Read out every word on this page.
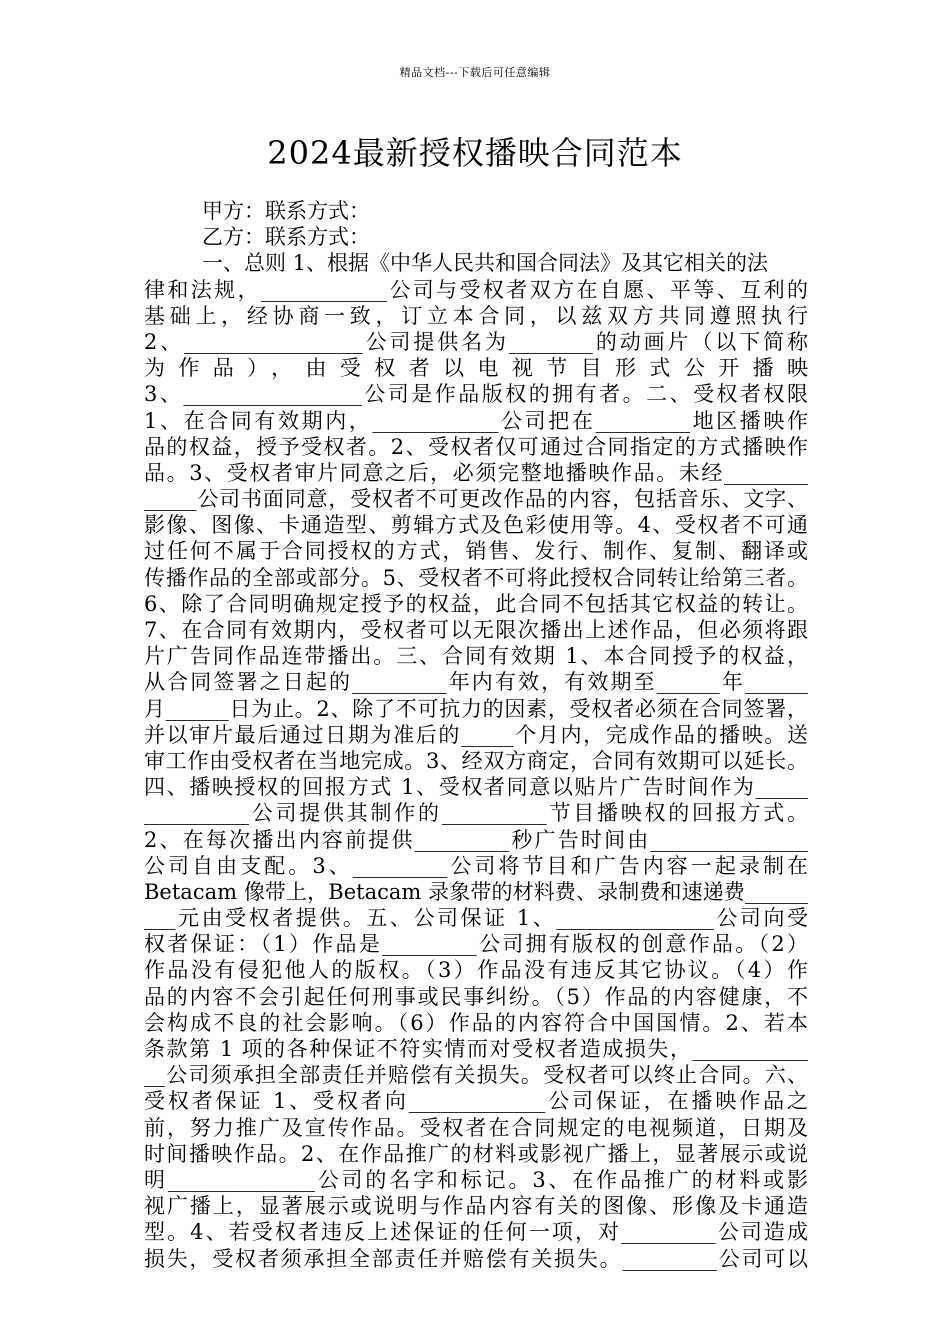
精品文档---下载后可任意编辑
2024最新授权播映合同范本
甲方：联系方式：
乙方：联系方式：
一、总则 1、根据《中华人民共和国合同法》及其它相关的法
律和法规，____________公司与受权者双方在自愿、平等、互利的
基础上，经协商一致，订立本合同，以兹双方共同遵照执行
2、_________________公司提供名为________的动画片（以下简称
为作品），由受权者以电视节目形式公开播映
3、_________________公司是作品版权的拥有者。二、受权者权限
1、在合同有效期内，____________公司把在_________地区播映作
品的权益，授予受权者。2、受权者仅可通过合同指定的方式播映作
品。3、受权者审片同意之后，必须完整地播映作品。未经________
_____公司书面同意，受权者不可更改作品的内容，包括音乐、文字、
影像、图像、卡通造型、剪辑方式及色彩使用等。4、受权者不可通
过任何不属于合同授权的方式，销售、发行、制作、复制、翻译或
传播作品的全部或部分。5、受权者不可将此授权合同转让给第三者。
6、除了合同明确规定授予的权益，此合同不包括其它权益的转让。
7、在合同有效期内，受权者可以无限次播出上述作品，但必须将跟
片广告同作品连带播出。三、合同有效期 1、本合同授予的权益，
从合同签署之日起的_________年内有效，有效期至______年______
月______日为止。2、除了不可抗力的因素，受权者必须在合同签署，
并以审片最后通过日期为准后的_____个月内，完成作品的播映。送
审工作由受权者在当地完成。3、经双方商定，合同有效期可以延长。
四、播映授权的回报方式 1、受权者同意以贴片广告时间作为_____
__________公司提供其制作的__________节目播映权的回报方式。
2、在每次播出内容前提供_________秒广告时间由_______________
公司自由支配。3、_________公司将节目和广告内容一起录制在
Betacam 像带上，Betacam 录象带的材料费、录制费和速递费______
___元由受权者提供。五、公司保证 1、_______________公司向受
权者保证：（1）作品是_________公司拥有版权的创意作品。（2）
作品没有侵犯他人的版权。（3）作品没有违反其它协议。（4）作
品的内容不会引起任何刑事或民事纠纷。（5）作品的内容健康，不
会构成不良的社会影响。（6）作品的内容符合中国国情。2、若本
条款第 1 项的各种保证不符实情而对受权者造成损失，___________
__公司须承担全部责任并赔偿有关损失。受权者可以终止合同。六、
受权者保证 1、受权者向_____________公司保证，在播映作品之
前，努力推广及宣传作品。受权者在合同规定的电视频道，日期及
时间播映作品。2、在作品推广的材料或影视广播上，显著展示或说
明______________公司的名字和标记。3、在作品推广的材料或影
视广播上，显著展示或说明与作品内容有关的图像、形像及卡通造
型。4、若受权者违反上述保证的任何一项，对_________公司造成
损失，受权者须承担全部责任并赔偿有关损失。_________公司可以
